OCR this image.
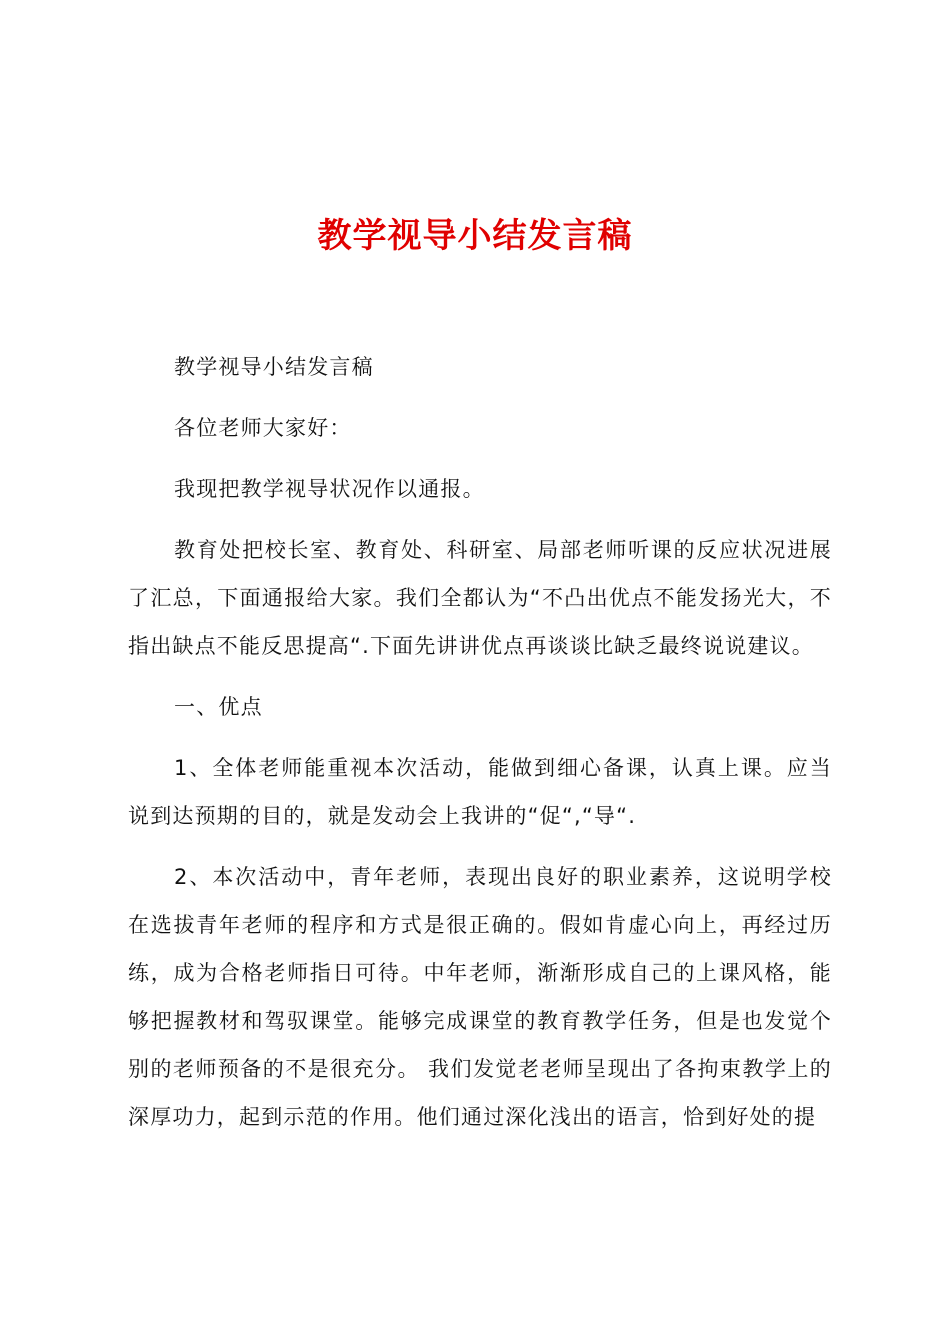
教学视导小结发言稿

教学视导小结发言稿

各位老师大家好：

我现把教学视导状况作以通报。

教育处把校长室、教育处、科研室、局部老师听课的反应状况进展了汇总，下面通报给大家。我们全都认为“不凸出优点不能发扬光大，不指出缺点不能反思提高“.下面先讲讲优点再谈谈比缺乏最终说说建议。

一、优点

1、全体老师能重视本次活动，能做到细心备课，认真上课。应当说到达预期的目的，就是发动会上我讲的“促“,“导“.

2、本次活动中，青年老师，表现出良好的职业素养，这说明学校在选拔青年老师的程序和方式是很正确的。假如肯虚心向上，再经过历练，成为合格老师指日可待。中年老师，渐渐形成自己的上课风格，能够把握教材和驾驭课堂。能够完成课堂的教育教学任务，但是也发觉个别的老师预备的不是很充分。 我们发觉老老师呈现出了各拘束教学上的深厚功力，起到示范的作用。他们通过深化浅出的语言，恰到好处的提
